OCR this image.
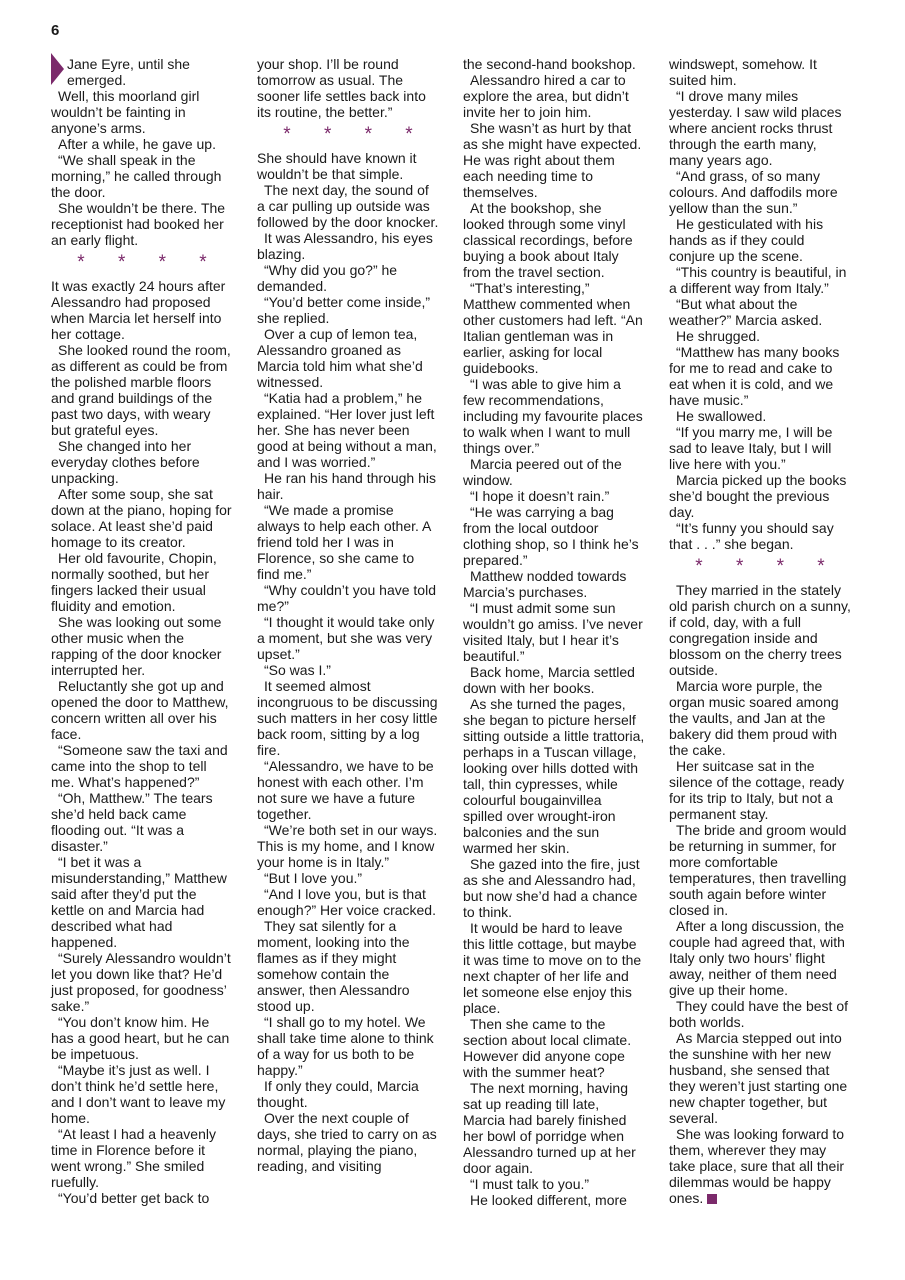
6

Jane Eyre, until she emerged.

Well, this moorland girl wouldn’t be fainting in anyone’s arms.

After a while, he gave up.

“We shall speak in the morning,” he called through the door.

She wouldn’t be there. The receptionist had booked her an early flight.

* * * *

It was exactly 24 hours after Alessandro had proposed when Marcia let herself into her cottage.

She looked round the room, as different as could be from the polished marble floors and grand buildings of the past two days, with weary but grateful eyes.

She changed into her everyday clothes before unpacking.

After some soup, she sat down at the piano, hoping for solace. At least she’d paid homage to its creator.

Her old favourite, Chopin, normally soothed, but her fingers lacked their usual fluidity and emotion.

She was looking out some other music when the rapping of the door knocker interrupted her.

Reluctantly she got up and opened the door to Matthew, concern written all over his face.

“Someone saw the taxi and came into the shop to tell me. What’s happened?”

“Oh, Matthew.” The tears she’d held back came flooding out. “It was a disaster.”

“I bet it was a misunderstanding,” Matthew said after they’d put the kettle on and Marcia had described what had happened.

“Surely Alessandro wouldn’t let you down like that? He’d just proposed, for goodness’ sake.”

“You don’t know him. He has a good heart, but he can be impetuous.

“Maybe it’s just as well. I don’t think he’d settle here, and I don’t want to leave my home.

“At least I had a heavenly time in Florence before it went wrong.” She smiled ruefully.

“You’d better get back to

your shop. I’ll be round tomorrow as usual. The sooner life settles back into its routine, the better.”

* * * *

She should have known it wouldn’t be that simple.

The next day, the sound of a car pulling up outside was followed by the door knocker.

It was Alessandro, his eyes blazing.

“Why did you go?” he demanded.

“You’d better come inside,” she replied.

Over a cup of lemon tea, Alessandro groaned as Marcia told him what she’d witnessed.

“Katia had a problem,” he explained. “Her lover just left her. She has never been good at being without a man, and I was worried.”

He ran his hand through his hair.

“We made a promise always to help each other. A friend told her I was in Florence, so she came to find me.”

“Why couldn’t you have told me?”

“I thought it would take only a moment, but she was very upset.”

“So was I.”

It seemed almost incongruous to be discussing such matters in her cosy little back room, sitting by a log fire.

“Alessandro, we have to be honest with each other. I’m not sure we have a future together.

“We’re both set in our ways. This is my home, and I know your home is in Italy.”

“But I love you.”

“And I love you, but is that enough?” Her voice cracked.

They sat silently for a moment, looking into the flames as if they might somehow contain the answer, then Alessandro stood up.

“I shall go to my hotel. We shall take time alone to think of a way for us both to be happy.”

If only they could, Marcia thought.

Over the next couple of days, she tried to carry on as normal, playing the piano, reading, and visiting

the second-hand bookshop.

Alessandro hired a car to explore the area, but didn’t invite her to join him.

She wasn’t as hurt by that as she might have expected. He was right about them each needing time to themselves.

At the bookshop, she looked through some vinyl classical recordings, before buying a book about Italy from the travel section.

“That’s interesting,” Matthew commented when other customers had left. “An Italian gentleman was in earlier, asking for local guidebooks.

“I was able to give him a few recommendations, including my favourite places to walk when I want to mull things over.”

Marcia peered out of the window.

“I hope it doesn’t rain.”

“He was carrying a bag from the local outdoor clothing shop, so I think he’s prepared.”

Matthew nodded towards Marcia’s purchases.

“I must admit some sun wouldn’t go amiss. I’ve never visited Italy, but I hear it’s beautiful.”

Back home, Marcia settled down with her books.

As she turned the pages, she began to picture herself sitting outside a little trattoria, perhaps in a Tuscan village, looking over hills dotted with tall, thin cypresses, while colourful bougainvillea spilled over wrought-iron balconies and the sun warmed her skin.

She gazed into the fire, just as she and Alessandro had, but now she’d had a chance to think.

It would be hard to leave this little cottage, but maybe it was time to move on to the next chapter of her life and let someone else enjoy this place.

Then she came to the section about local climate. However did anyone cope with the summer heat?

The next morning, having sat up reading till late, Marcia had barely finished her bowl of porridge when Alessandro turned up at her door again.

“I must talk to you.”

He looked different, more

windswept, somehow. It suited him.

“I drove many miles yesterday. I saw wild places where ancient rocks thrust through the earth many, many years ago.

“And grass, of so many colours. And daffodils more yellow than the sun.”

He gesticulated with his hands as if they could conjure up the scene.

“This country is beautiful, in a different way from Italy.”

“But what about the weather?” Marcia asked.

He shrugged.

“Matthew has many books for me to read and cake to eat when it is cold, and we have music.”

He swallowed.

“If you marry me, I will be sad to leave Italy, but I will live here with you.”

Marcia picked up the books she’d bought the previous day.

“It’s funny you should say that . . .” she began.

* * * *

They married in the stately old parish church on a sunny, if cold, day, with a full congregation inside and blossom on the cherry trees outside.

Marcia wore purple, the organ music soared among the vaults, and Jan at the bakery did them proud with the cake.

Her suitcase sat in the silence of the cottage, ready for its trip to Italy, but not a permanent stay.

The bride and groom would be returning in summer, for more comfortable temperatures, then travelling south again before winter closed in.

After a long discussion, the couple had agreed that, with Italy only two hours’ flight away, neither of them need give up their home.

They could have the best of both worlds.

As Marcia stepped out into the sunshine with her new husband, she sensed that they weren’t just starting one new chapter together, but several.

She was looking forward to them, wherever they may take place, sure that all their dilemmas would be happy ones.
